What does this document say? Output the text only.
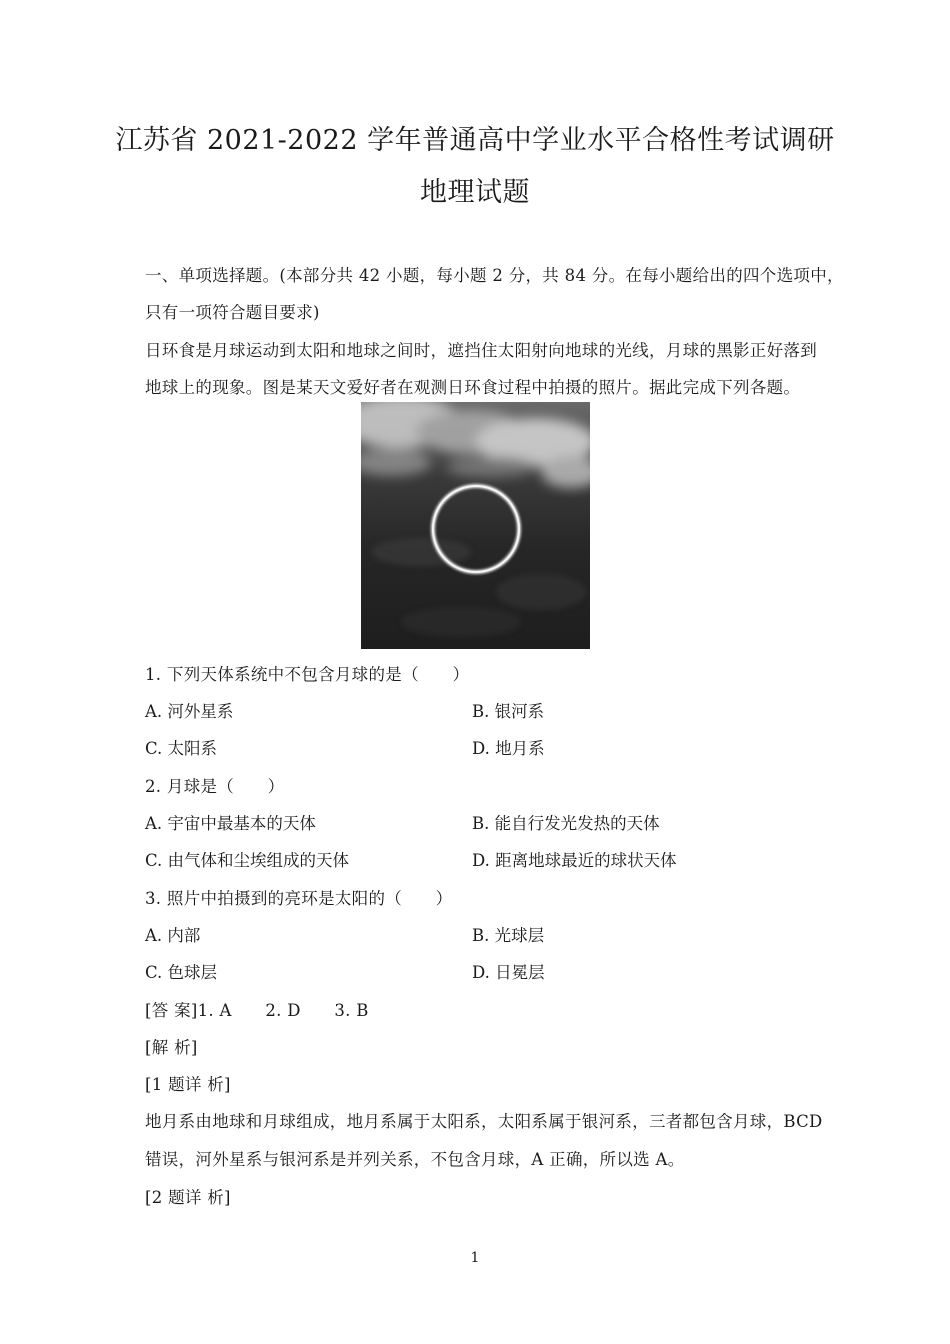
江苏省 2021-2022 学年普通高中学业水平合格性考试调研
地理试题
一、单项选择题。(本部分共 42 小题，每小题 2 分，共 84 分。在每小题给出的四个选项中，
只有一项符合题目要求)
日环食是月球运动到太阳和地球之间时，遮挡住太阳射向地球的光线，月球的黑影正好落到
地球上的现象。图是某天文爱好者在观测日环食过程中拍摄的照片。据此完成下列各题。
1. 下列天体系统中不包含月球的是（　　）
A. 河外星系	B. 银河系
C. 太阳系	D. 地月系
2. 月球是（　　）
A. 宇宙中最基本的天体	B. 能自行发光发热的天体
C. 由气体和尘埃组成的天体	D. 距离地球最近的球状天体
3. 照片中拍摄到的亮环是太阳的（　　）
A. 内部	B. 光球层
C. 色球层	D. 日冕层
[答 案]1. A　　2. D　　3. B
[解 析]
[1 题详 析]
地月系由地球和月球组成，地月系属于太阳系，太阳系属于银河系，三者都包含月球，BCD
错误，河外星系与银河系是并列关系，不包含月球，A 正确，所以选 A。
[2 题详 析]
1
